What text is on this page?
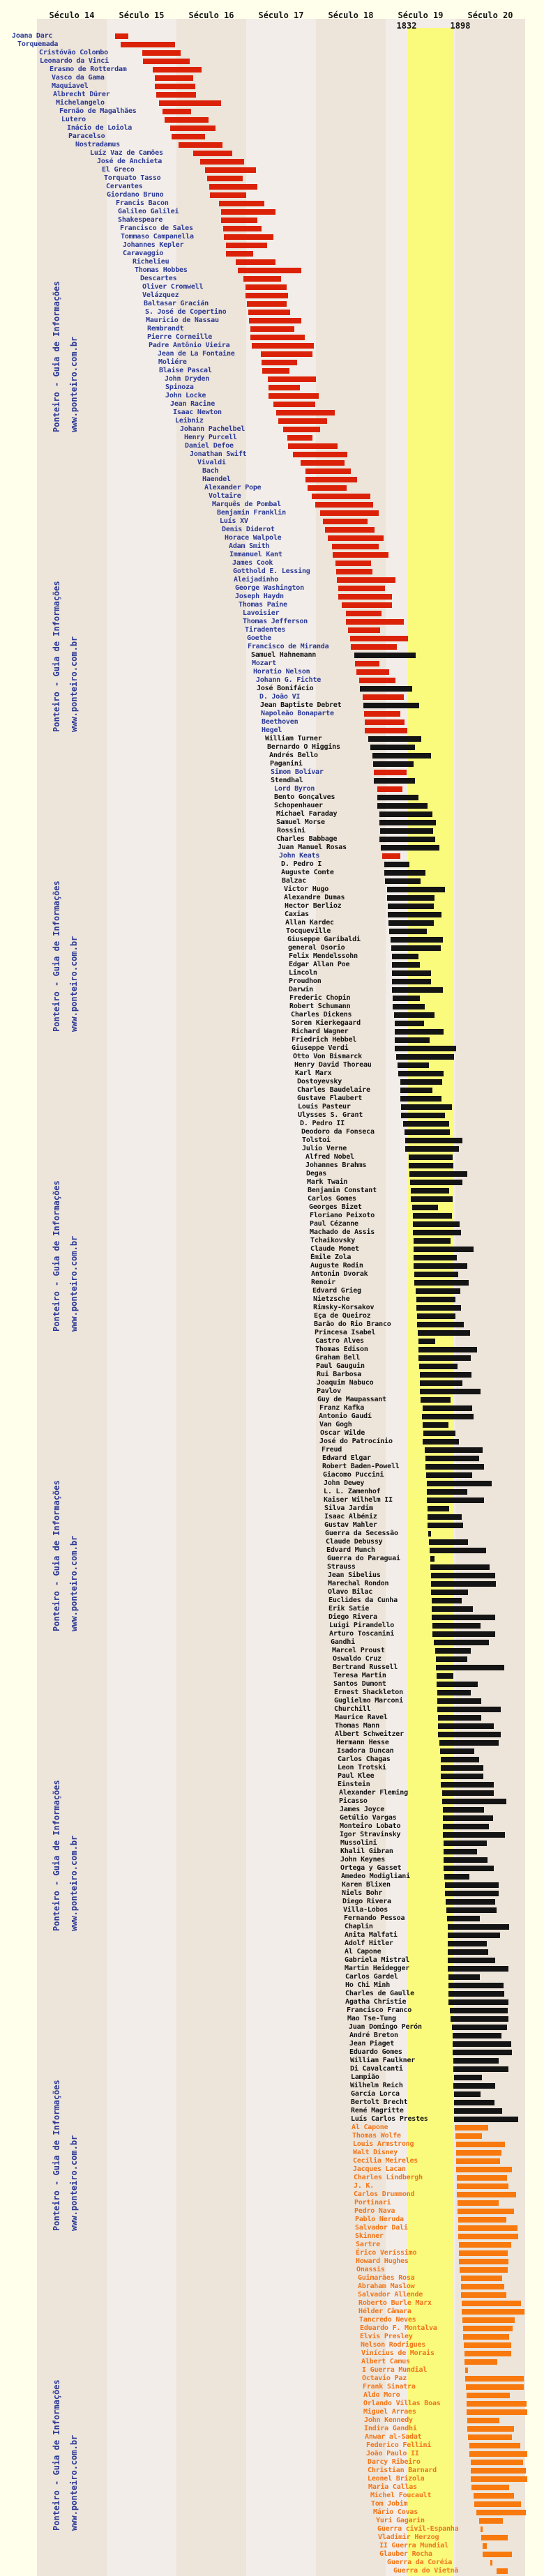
Século 14	Século 15	Século 16	Século 17	Século 18	Século 19	Século 20
1832	1898
Joana Darc
Torquemada
Cristóvão Colombo
Leonardo da Vinci
Erasmo de Rotterdam
Vasco da Gama
Maquiavel
Albrecht Dürer
Michelangelo
Fernão de Magalhães
Lutero
Inácio de Loiola
Paracelso
Nostradamus
Luíz Vaz de Camões
José de Anchieta
El Greco
Torquato Tasso
Cervantes
Giordano Bruno
Francis Bacon
Galileo Galilei
Shakespeare
Francisco de Sales
Tommaso Campanella
Johannes Kepler
Caravaggio
Richelieu
Thomas Hobbes
Descartes
Oliver Cromwell
Velázquez
Baltasar Gracián
S. José de Copertino
Mauricio de Nassau
Rembrandt
Pierre Corneille
Padre Antônio Vieira
Jean de La Fontaine
Moliére
Blaise Pascal
John Dryden
Spinoza
John Locke
Jean Racine
Isaac Newton
Leibniz
Johann Pachelbel
Henry Purcell
Daniel Defoe
Jonathan Swift
Vivaldi
Bach
Haendel
Alexander Pope
Voltaire
Marquês de Pombal
Benjamin Franklin
Luís XV
Denis Diderot
Horace Walpole
Adam Smith
Immanuel Kant
James Cook
Gotthold E. Lessing
Aleijadinho
George Washington
Joseph Haydn
Thomas Paine
Lavoisier
Thomas Jefferson
Tiradentes
Goethe
Francisco de Miranda
Samuel Hahnemann
Mozart
Horatio Nelson
Johann G. Fichte
José Bonifácio
D. João VI
Jean Baptiste Debret
Napoleão Bonaparte
Beethoven
Hegel
William Turner
Bernardo O Higgins
Andrés Bello
Paganini
Simon Bolívar
Stendhal
Lord Byron
Bento Gonçalves
Schopenhauer
Michael Faraday
Samuel Morse
Rossini
Charles Babbage
Juan Manuel Rosas
John Keats
D. Pedro I
Auguste Comte
Balzac
Victor Hugo
Alexandre Dumas
Hector Berlioz
Caxias
Allan Kardec
Tocqueville
Giuseppe Garibaldi
general Osorio
Felix Mendelssohn
Edgar Allan Poe
Lincoln
Proudhon
Darwin
Frederic Chopin
Robert Schumann
Charles Dickens
Soren Kierkegaard
Richard Wagner
Friedrich Hebbel
Giuseppe Verdi
Otto Von Bismarck
Henry David Thoreau
Karl Marx
Dostoyevsky
Charles Baudelaire
Gustave Flaubert
Louis Pasteur
Ulysses S. Grant
D. Pedro II
Deodoro da Fonseca
Tolstoi
Julio Verne
Alfred Nobel
Johannes Brahms
Degas
Mark Twain
Benjamin Constant
Carlos Gomes
Georges Bizet
Floriano Peixoto
Paul Cézanne
Machado de Assis
Tchaikovsky
Claude Monet
Émile Zola
Auguste Rodin
Antonin Dvorak
Renoir
Edvard Grieg
Nietzsche
Rimsky-Korsakov
Eça de Queiroz
Barão do Rio Branco
Princesa Isabel
Castro Alves
Thomas Edison
Graham Bell
Paul Gauguin
Rui Barbosa
Joaquim Nabuco
Pavlov
Guy de Maupassant
Franz Kafka
Antonio Gaudí
Van Gogh
Oscar Wilde
José do Patrocínio
Freud
Edward Elgar
Robert Baden-Powell
Giacomo Puccini
John Dewey
L. L. Zamenhof
Kaiser Wilhelm II
Silva Jardim
Isaac Albéniz
Gustav Mahler
Guerra da Secessão
Claude Debussy
Edvard Munch
Guerra do Paraguai
Strauss
Jean Sibelius
Marechal Rondon
Olavo Bilac
Euclides da Cunha
Erik Satie
Diego Rivera
Luigi Pirandello
Arturo Toscanini
Gandhi
Marcel Proust
Oswaldo Cruz
Bertrand Russell
Teresa Martin
Santos Dumont
Ernest Shackleton
Guglielmo Marconi
Churchill
Maurice Ravel
Thomas Mann
Albert Schweitzer
Hermann Hesse
Isadora Duncan
Carlos Chagas
Leon Trotski
Paul Klee
Einstein
Alexander Fleming
Picasso
James Joyce
Getúlio Vargas
Monteiro Lobato
Igor Stravinsky
Mussolini
Khalil Gibran
John Keynes
Ortega y Gasset
Amedeo Modigliani
Karen Blixen
Niels Bohr
Diego Rivera
Villa-Lobos
Fernando Pessoa
Chaplin
Anita Malfati
Adolf Hitler
Al Capone
Gabriela Mistral
Martin Heidegger
Carlos Gardel
Ho Chi Minh
Charles de Gaulle
Agatha Christie
Francisco Franco
Mao Tse-Tung
Juan Domingo Perón
André Breton
Jean Piaget
Eduardo Gomes
William Faulkner
Di Cavalcanti
Lampião
Wilhelm Reich
García Lorca
Bertolt Brecht
René Magritte
Luís Carlos Prestes
Al Capone
Thomas Wolfe
Louis Armstrong
Walt Disney
Cecília Meireles
Jacques Lacan
Charles Lindbergh
J. K.
Carlos Drummond
Portinari
Pedro Nava
Pablo Neruda
Salvador Dali
Skinner
Sartre
Érico Veríssimo
Howard Hughes
Onassis
Guimarães Rosa
Abraham Maslow
Salvador Allende
Roberto Burle Marx
Hélder Câmara
Tancredo Neves
Eduardo F. Montalva
Elvis Presley
Nelson Rodrigues
Vinícius de Morais
Albert Camus
I Guerra Mundial
Octavio Paz
Frank Sinatra
Aldo Moro
Orlando Villas Boas
Miguel Arraes
John Kennedy
Indira Gandhi
Anwar al-Sadat
Federico Fellini
João Paulo II
Darcy Ribeiro
Christian Barnard
Leonel Brizola
Maria Callas
Michel Foucault
Tom Jobim
Mário Covas
Yuri Gagarin
Guerra civil-Espanha
Vladimir Herzog
II Guerra Mundial
Glauber Rocha
Guerra da Coréia
Guerra do Vietnã
Ponteiro - Guia de Informações www.ponteiro.com.br
Ponteiro - Guia de Informações www.ponteiro.com.br
Ponteiro - Guia de Informações www.ponteiro.com.br
Ponteiro - Guia de Informações www.ponteiro.com.br
Ponteiro - Guia de Informações www.ponteiro.com.br
Ponteiro - Guia de Informações www.ponteiro.com.br
Ponteiro - Guia de Informações www.ponteiro.com.br
Ponteiro - Guia de Informações www.ponteiro.com.br
